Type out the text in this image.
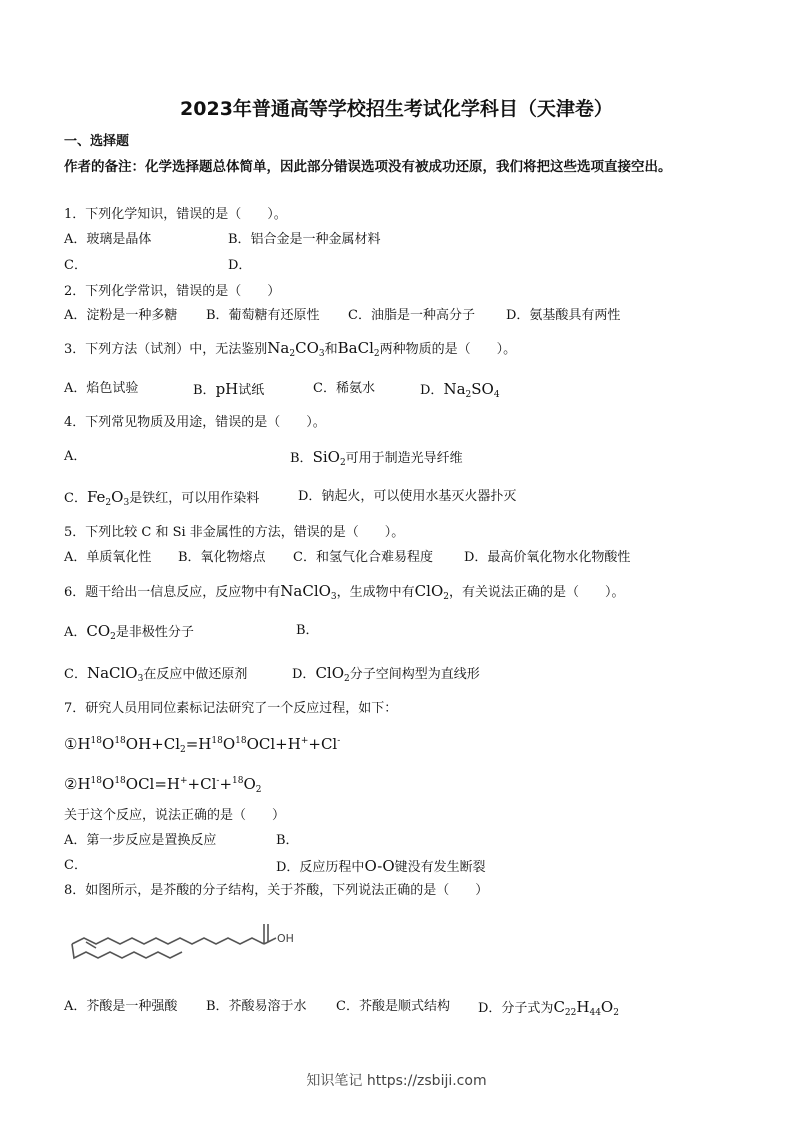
2023年普通高等学校招生考试化学科目（天津卷）
一、选择题
作者的备注：化学选择题总体简单，因此部分错误选项没有被成功还原，我们将把这些选项直接空出。
1．下列化学知识，错误的是（　　）。
A．玻璃是晶体	B．铝合金是一种金属材料
C．	D．
2．下列化学常识，错误的是（　　）
A．淀粉是一种多糖 B．葡萄糖有还原性 C．油脂是一种高分子 D．氨基酸具有两性
3．下列方法（试剂）中，无法鉴别$Na_2CO_3$和BaCl$_2$两种物质的是（　　）。
A．焰色试验	B．pH试纸	C．稀氨水	D．$Na_2SO_4$
4．下列常见物质及用途，错误的是（　　）。
A．	B．SiO$_2$可用于制造光导纤维
C．$Fe_2O_3$是铁红，可以用作染料	D．钠起火，可以使用水基灭火器扑灭
5．下列比较 C 和 Si 非金属性的方法，错误的是（　　）。
A．单质氧化性 B．氧化物熔点 C．和氢气化合难易程度 D．最高价氧化物水化物酸性
6．题干给出一信息反应，反应物中有NaClO$_3$，生成物中有ClO$_2$，有关说法正确的是（　　）。
A．$CO_2$是非极性分子	B．
C．NaClO$_3$在反应中做还原剂	D．ClO$_2$分子空间构型为直线形
7．研究人员用同位素标记法研究了一个反应过程，如下：
$①H^{18}O^{18}OH+Cl_2=H^{18}O^{18}OCl+H^++Cl^-$
$②H^{18}O^{18}OCl=H^++Cl^-+^{18}O_2$
关于这个反应，说法正确的是（　　）
A．第一步反应是置换反应	B．
C．	D．反应历程中O-O键没有发生断裂
8．如图所示，是芥酸的分子结构，关于芥酸，下列说法正确的是（　　）
OH
A．芥酸是一种强酸 B．芥酸易溶于水 C．芥酸是顺式结构 D．分子式为$C_{22}H_{44}O_2$
知识笔记 https://zsbiji.com
